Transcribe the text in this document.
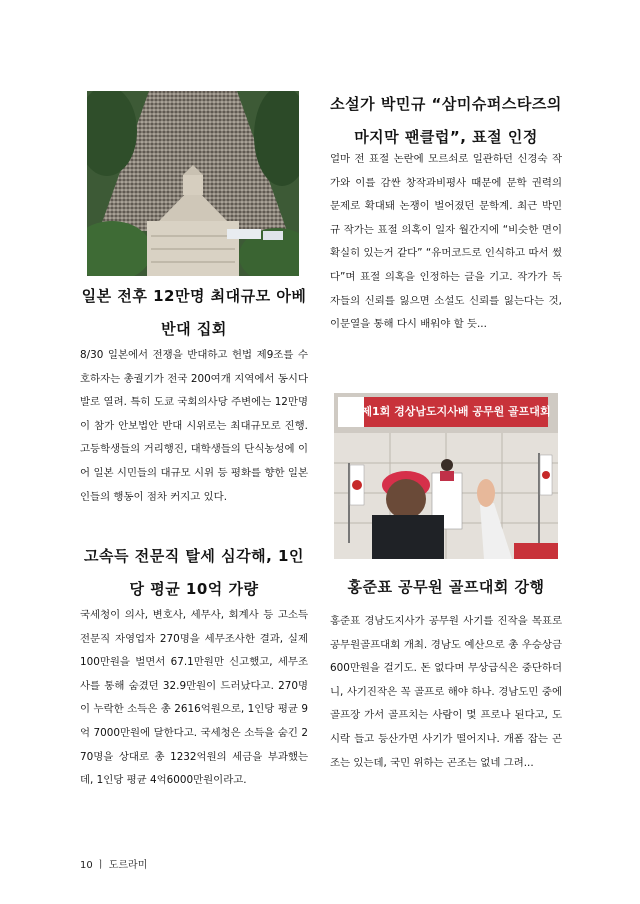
일본 전후 12만명 최대규모 아베반대 집회

8/30 일본에서 전쟁을 반대하고 헌법 제9조를 수호하자는 총궐기가 전국 200여개 지역에서 동시다발로 열려. 특히 도쿄 국회의사당 주변에는 12만명이 참가 안보법안 반대 시위로는 최대규모로 진행. 고등학생들의 거리행진, 대학생들의 단식농성에 이어 일본 시민들의 대규모 시위 등 평화를 향한 일본인들의 행동이 점차 커지고 있다.

고속득 전문직 탈세 심각해, 1인당 평균 10억 가량

국세청이 의사, 변호사, 세무사, 회계사 등 고소득 전문직 자영업자 270명을 세무조사한 결과, 실제 100만원을 벌면서 67.1만원만 신고했고, 세무조사를 통해 숨겼던 32.9만원이 드러났다고. 270명이 누락한 소득은 총 2616억원으로, 1인당 평균 9억 7000만원에 달한다고. 국세청은 소득을 숨긴 270명을 상대로 총 1232억원의 세금을 부과했는데, 1인당 평균 4억6000만원이라고.

소설가 박민규 “삼미슈퍼스타즈의 마지막 팬클럽”, 표절 인정

얼마 전 표절 논란에 모르쇠로 일관하던 신경숙 작가와 이를 감싼 창작과비평사 때문에 문학 권력의 문제로 확대돼 논쟁이 벌어졌던 문학계. 최근 박민규 작가는 표절 의혹이 일자 월간지에 “비슷한 면이 확실히 있는거 같다” “유머코드로 인식하고 따서 썼다”며 표절 의혹을 인정하는 글을 기고. 작가가 독자들의 신뢰를 잃으면 소설도 신뢰를 잃는다는 것, 이문열을 통해 다시 배워야 할 듯...

제1회 경상남도지사배 공무원 골프대회
홍준표 공무원 골프대회 강행

홍준표 경남도지사가 공무원 사기를 진작을 목표로 공무원골프대회 개최. 경남도 예산으로 총 우승상금 600만원을 걸기도. 돈 없다며 무상급식은 중단하더니, 사기진작은 꼭 골프로 해야 하나. 경남도민 중에 골프장 가서 골프치는 사람이 몇 프로나 된다고, 도시락 들고 등산가면 사기가 떨어지나. 개폼 잡는 곤조는 있는데, 국민 위하는 곤조는 없네 그려...

10 ㅣ 도르라미
